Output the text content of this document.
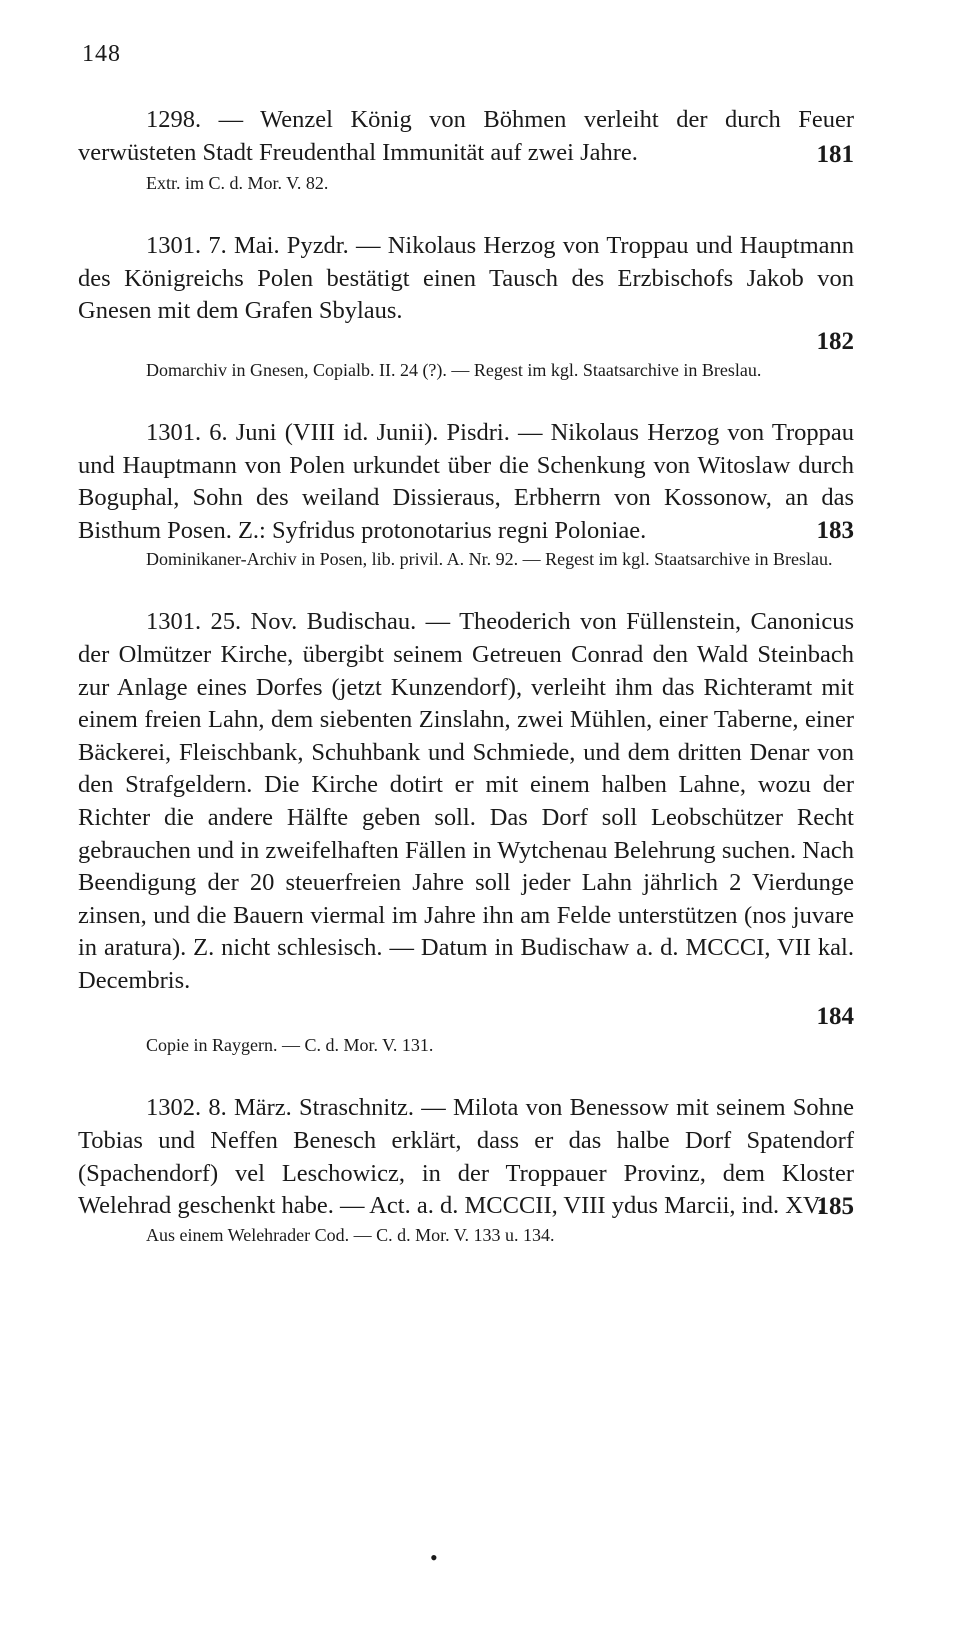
148

1298. — Wenzel König von Böhmen verleiht der durch Feuer verwüsteten Stadt Freudenthal Immunität auf zwei Jahre.	181

Extr. im C. d. Mor. V. 82.

1301. 7. Mai. Pyzdr. — Nikolaus Herzog von Troppau und Hauptmann des Königreichs Polen bestätigt einen Tausch des Erzbischofs Jakob von Gnesen mit dem Grafen Sbylaus.

182

Domarchiv in Gnesen, Copialb. II. 24 (?). — Regest im kgl. Staatsarchive in Breslau.

1301. 6. Juni (VIII id. Junii). Pisdri. — Nikolaus Herzog von Troppau und Hauptmann von Polen urkundet über die Schenkung von Witoslaw durch Boguphal, Sohn des weiland Dissieraus, Erbherrn von Kossonow, an das Bisthum Posen. Z.: Syfridus protonotarius regni Poloniae.	183

Dominikaner-Archiv in Posen, lib. privil. A. Nr. 92. — Regest im kgl. Staatsarchive in Breslau.

1301. 25. Nov. Budischau. — Theoderich von Füllenstein, Canonicus der Olmützer Kirche, übergibt seinem Getreuen Conrad den Wald Steinbach zur Anlage eines Dorfes (jetzt Kunzendorf), verleiht ihm das Richteramt mit einem freien Lahn, dem siebenten Zinslahn, zwei Mühlen, einer Taberne, einer Bäckerei, Fleischbank, Schuhbank und Schmiede, und dem dritten Denar von den Strafgeldern. Die Kirche dotirt er mit einem halben Lahne, wozu der Richter die andere Hälfte geben soll. Das Dorf soll Leobschützer Recht gebrauchen und in zweifelhaften Fällen in Wytchenau Belehrung suchen. Nach Beendigung der 20 steuerfreien Jahre soll jeder Lahn jährlich 2 Vierdunge zinsen, und die Bauern viermal im Jahre ihn am Felde unterstützen (nos juvare in aratura). Z. nicht schlesisch. — Datum in Budischaw a. d. MCCCI, VII kal. Decembris.

184

Copie in Raygern. — C. d. Mor. V. 131.

1302. 8. März. Straschnitz. — Milota von Benessow mit seinem Sohne Tobias und Neffen Benesch erklärt, dass er das halbe Dorf Spatendorf (Spachendorf) vel Leschowicz, in der Troppauer Provinz, dem Kloster Welehrad geschenkt habe. — Act. a. d. MCCCII, VIII ydus Marcii, ind. XV.

185

Aus einem Welehrader Cod. — C. d. Mor. V. 133 u. 134.

•
